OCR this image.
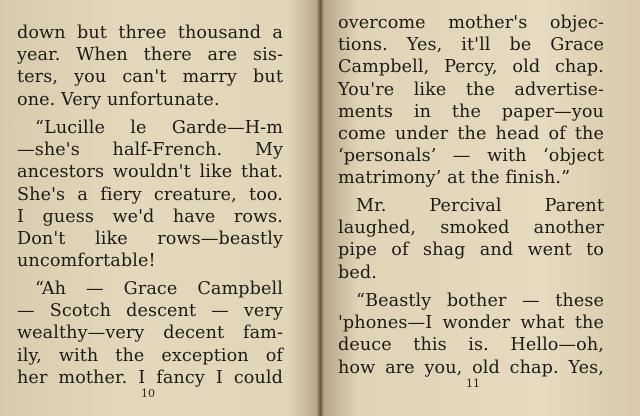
down but three thousand a
year. When there are sis-
ters, you can't marry but
one. Very unfortunate.
“Lucille le Garde—H-m
—she's half-French. My
ancestors wouldn't like that.
She's a fiery creature, too.
I guess we'd have rows.
Don't like rows—beastly
uncomfortable!
“Ah — Grace Campbell
— Scotch descent — very
wealthy—very decent fam-
ily, with the exception of
her mother. I fancy I could
10
overcome mother's objec-
tions. Yes, it'll be Grace
Campbell, Percy, old chap.
You're like the advertise-
ments in the paper—you
come under the head of the
‘personals’ — with ‘object
matrimony’ at the finish.”
Mr. Percival Parent
laughed, smoked another
pipe of shag and went to
bed.
“Beastly bother — these
'phones—I wonder what the
deuce this is. Hello—oh,
how are you, old chap. Yes,
11
